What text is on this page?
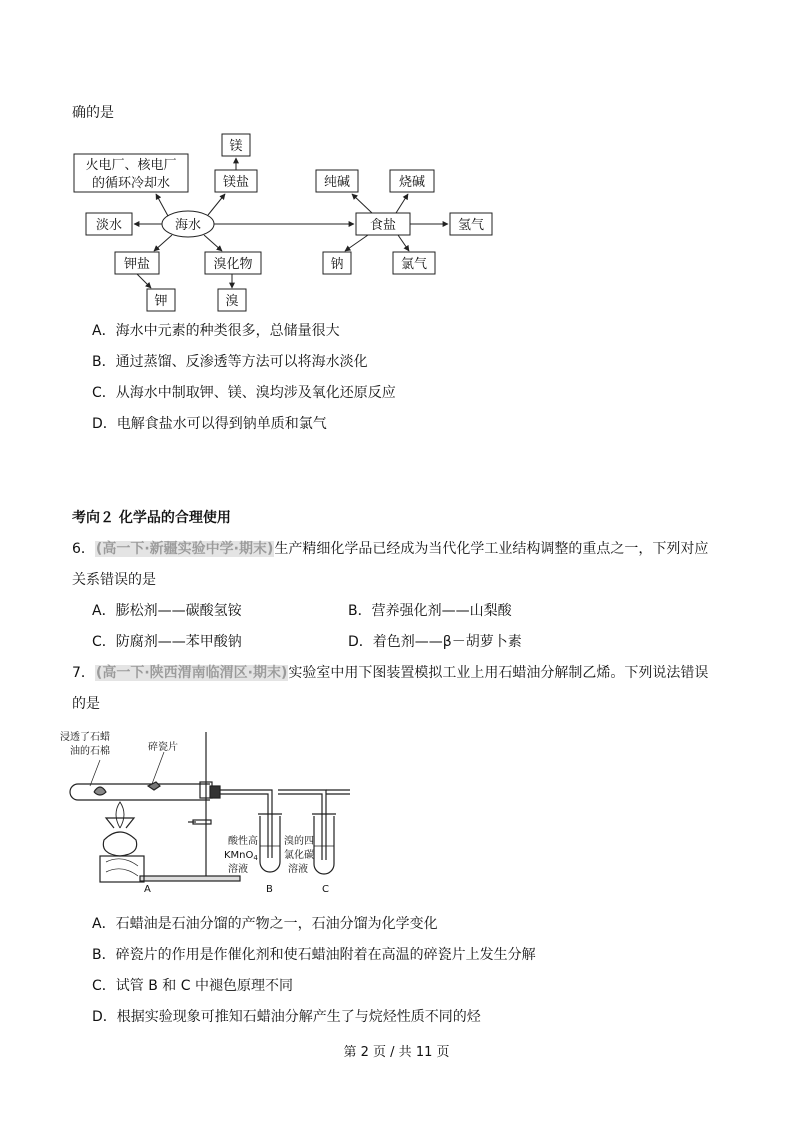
确的是
火电厂、核电厂
的循环冷却水
镁
镁盐
淡水	海水
钾盐
钾
溴化物
溴
纯碱	烧碱
食盐	氢气
钠	氯气
A．海水中元素的种类很多，总储量很大
B．通过蒸馏、反渗透等方法可以将海水淡化
C．从海水中制取钾、镁、溴均涉及氧化还原反应
D．电解食盐水可以得到钠单质和氯气
考向２ 化学品的合理使用
6．(高一下·新疆实验中学·期末)生产精细化学品已经成为当代化学工业结构调整的重点之一，下列对应
关系错误的是
A．膨松剂——碳酸氢铵	B．营养强化剂——山梨酸
C．防腐剂——苯甲酸钠	D．着色剂——β－胡萝卜素
7．(高一下·陕西渭南临渭区·期末)实验室中用下图装置模拟工业上用石蜡油分解制乙烯。下列说法错误
的是
浸透了石蜡
油的石棉	碎瓷片
酸性高
KMnO$_4$
溶液
溴的四
氯化碳
溶液
A	B	C
A．石蜡油是石油分馏的产物之一，石油分馏为化学变化
B．碎瓷片的作用是作催化剂和使石蜡油附着在高温的碎瓷片上发生分解
C．试管 B 和 C 中褪色原理不同
D．根据实验现象可推知石蜡油分解产生了与烷烃性质不同的烃
第 2 页 / 共 11 页
